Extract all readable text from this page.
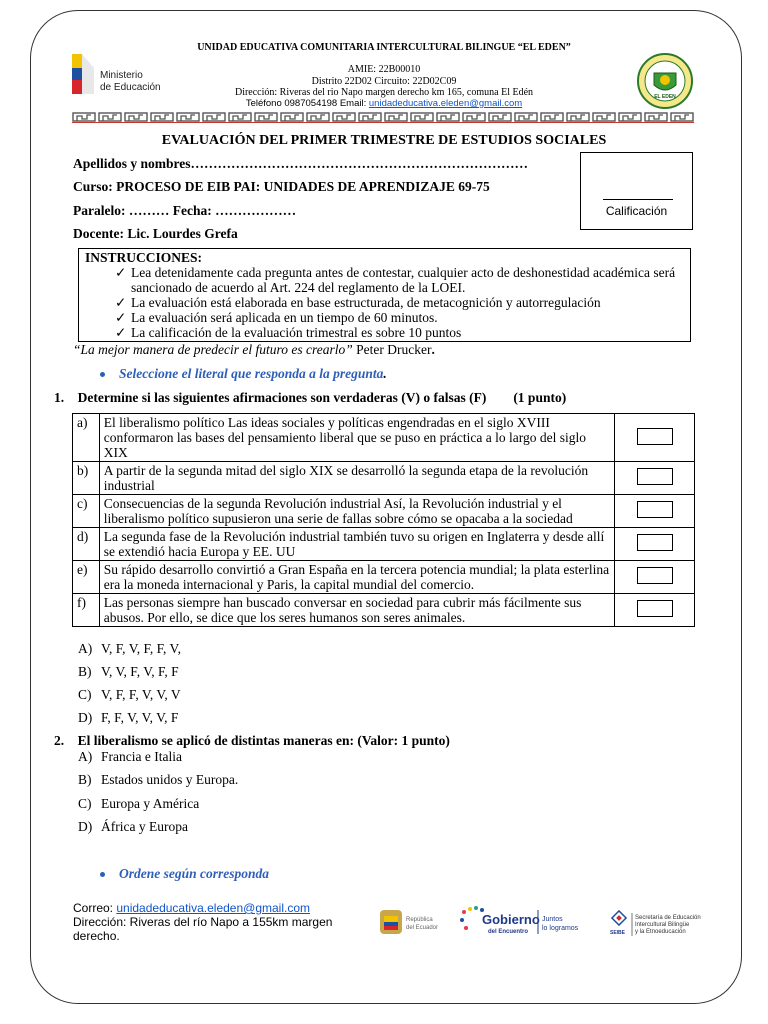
UNIDAD EDUCATIVA COMUNITARIA INTERCULTURAL BILINGUE “EL EDEN”
AMIE: 22B00010
Distrito 22D02 Circuito: 22D02C09
Dirección: Riveras del rio Napo margen derecho km 165, comuna El Edén
Teléfono 0987054198 Email: unidadeducativa.eleden@gmail.com
Ministerio
de Educación
EL EDEN
EVALUACIÓN DEL PRIMER TRIMESTRE DE ESTUDIOS SOCIALES
Apellidos y nombres…………………………………………………………………
Curso: PROCESO DE EIB PAI: UNIDADES DE APRENDIZAJE 69-75
Paralelo: ……… Fecha: ………………
Docente: Lic. Lourdes Grefa
Calificación
INSTRUCCIONES:
✓ Lea detenidamente cada pregunta antes de contestar, cualquier acto de deshonestidad académica será sancionado de acuerdo al Art. 224 del reglamento de la LOEI.
✓ La evaluación está elaborada en base estructurada, de metacognición y autorregulación
✓ La evaluación será aplicada en un tiempo de 60 minutos.
✓ La calificación de la evaluación trimestral es sobre 10 puntos
“La mejor manera de predecir el futuro es crearlo” Peter Drucker.
Seleccione el literal que responda a la pregunta.
1. Determine si las siguientes afirmaciones son verdaderas (V) o falsas (F)  (1 punto)
a)	El liberalismo político Las ideas sociales y políticas engendradas en el siglo XVIII conformaron las bases del pensamiento liberal que se puso en práctica a lo largo del siglo XIX	
b)	A partir de la segunda mitad del siglo XIX se desarrolló la segunda etapa de la revolución industrial	
c)	Consecuencias de la segunda Revolución industrial Así, la Revolución industrial y el liberalismo político supusieron una serie de fallas sobre cómo se opacaba a la sociedad	
d)	La segunda fase de la Revolución industrial también tuvo su origen en Inglaterra y desde allí se extendió hacia Europa y EE. UU	
e)	Su rápido desarrollo convirtió a Gran España en la tercera potencia mundial; la plata esterlina era la moneda internacional y Paris, la capital mundial del comercio.	
f)	Las personas siempre han buscado conversar en sociedad para cubrir más fácilmente sus abusos. Por ello, se dice que los seres humanos son seres animales.	
A) V, F, V, F, F, V,
B) V, V, F, V, F, F
C) V, F, F, V, V, V
D) F, F, V, V, V, F
2. El liberalismo se aplicó de distintas maneras en: (Valor: 1 punto)
A) Francia e Italia
B) Estados unidos y Europa.
C) Europa y América
D) África y Europa
Ordene según corresponda
Correo: unidadeducativa.eleden@gmail.com
Dirección: Riveras del río Napo a 155km margen derecho.
República
del Ecuador
Gobierno
del Encuentro
Juntos
lo logramos
SEIBE
Secretaría de Educación
Intercultural Bilingüe
y la Etnoeducación
